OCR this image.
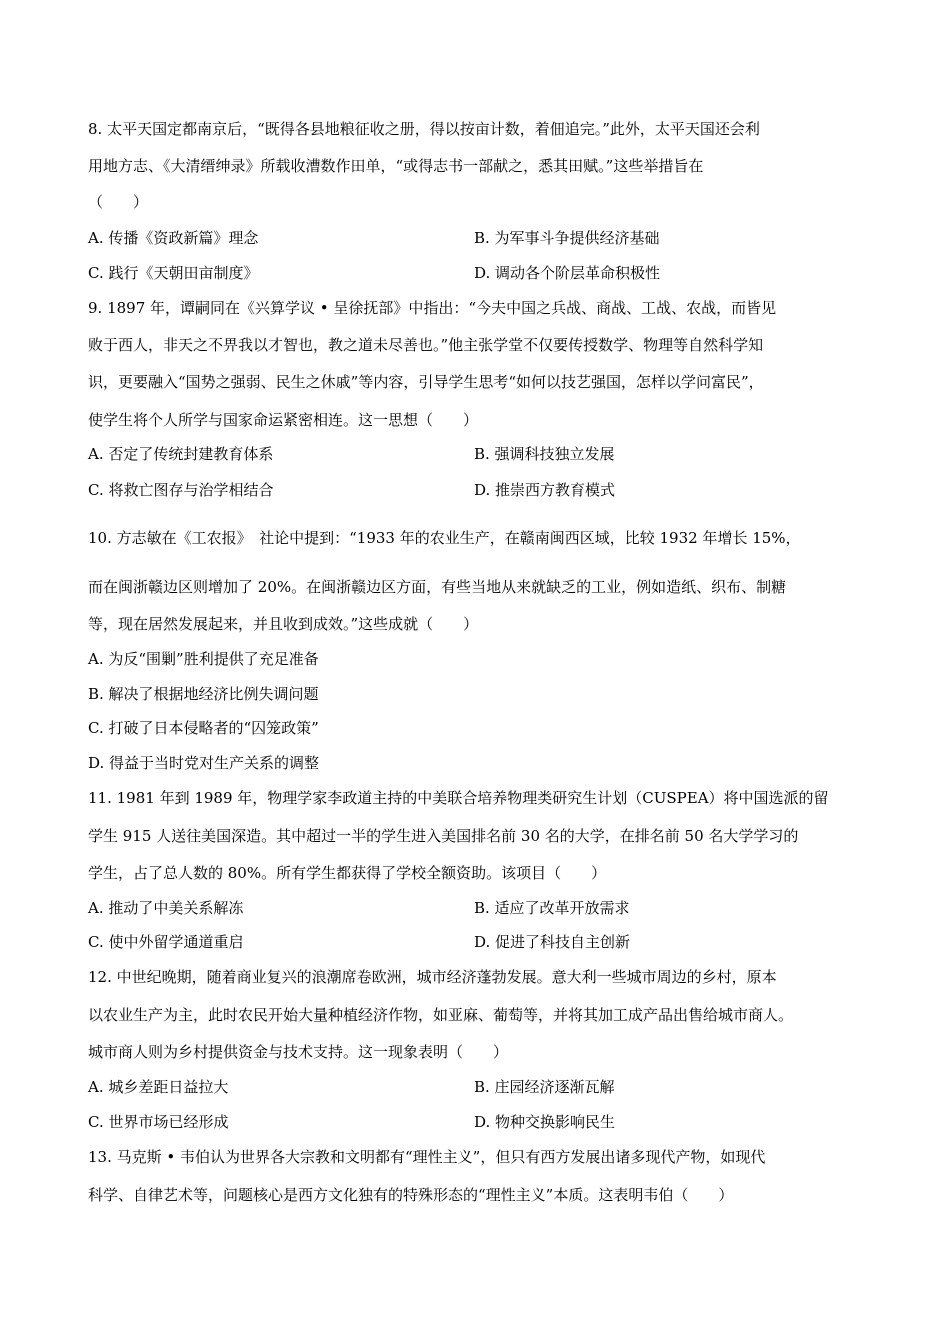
8. 太平天国定都南京后，“既得各县地粮征收之册，得以按亩计数，着佃追完。”此外，太平天国还会利
用地方志、《大清缙绅录》所载收漕数作田单，“或得志书一部献之，悉其田赋。”这些举措旨在
（　　）
A. 传播《资政新篇》理念	B. 为军事斗争提供经济基础
C. 践行《天朝田亩制度》	D. 调动各个阶层革命积极性
9. 1897 年，谭嗣同在《兴算学议 • 呈徐抚部》中指出：“今夫中国之兵战、商战、工战、农战，而皆见
败于西人，非天之不畀我以才智也，教之道未尽善也。”他主张学堂不仅要传授数学、物理等自然科学知
识，更要融入“国势之强弱、民生之休戚”等内容，引导学生思考“如何以技艺强国，怎样以学问富民”，
使学生将个人所学与国家命运紧密相连。这一思想（　　）
A. 否定了传统封建教育体系	B. 强调科技独立发展
C. 将救亡图存与治学相结合	D. 推崇西方教育模式
10. 方志敏在《工农报》　社论中提到：“1933 年的农业生产，在赣南闽西区域，比较 1932 年增长 15%，
而在闽浙赣边区则增加了 20%。在闽浙赣边区方面，有些当地从来就缺乏的工业，例如造纸、织布、制糖
等，现在居然发展起来，并且收到成效。”这些成就（　　）
A. 为反“围剿”胜利提供了充足准备
B. 解决了根据地经济比例失调问题
C. 打破了日本侵略者的“囚笼政策”
D. 得益于当时党对生产关系的调整
11. 1981 年到 1989 年，物理学家李政道主持的中美联合培养物理类研究生计划（CUSPEA）将中国选派的留
学生 915 人送往美国深造。其中超过一半的学生进入美国排名前 30 名的大学，在排名前 50 名大学学习的
学生，占了总人数的 80%。所有学生都获得了学校全额资助。该项目（　　）
A. 推动了中美关系解冻	B. 适应了改革开放需求
C. 使中外留学通道重启	D. 促进了科技自主创新
12. 中世纪晚期，随着商业复兴的浪潮席卷欧洲，城市经济蓬勃发展。意大利一些城市周边的乡村，原本
以农业生产为主，此时农民开始大量种植经济作物，如亚麻、葡萄等，并将其加工成产品出售给城市商人。
城市商人则为乡村提供资金与技术支持。这一现象表明（　　）
A. 城乡差距日益拉大	B. 庄园经济逐渐瓦解
C. 世界市场已经形成	D. 物种交换影响民生
13. 马克斯 • 韦伯认为世界各大宗教和文明都有“理性主义”，但只有西方发展出诸多现代产物，如现代
科学、自律艺术等，问题核心是西方文化独有的特殊形态的“理性主义”本质。这表明韦伯（　　）
